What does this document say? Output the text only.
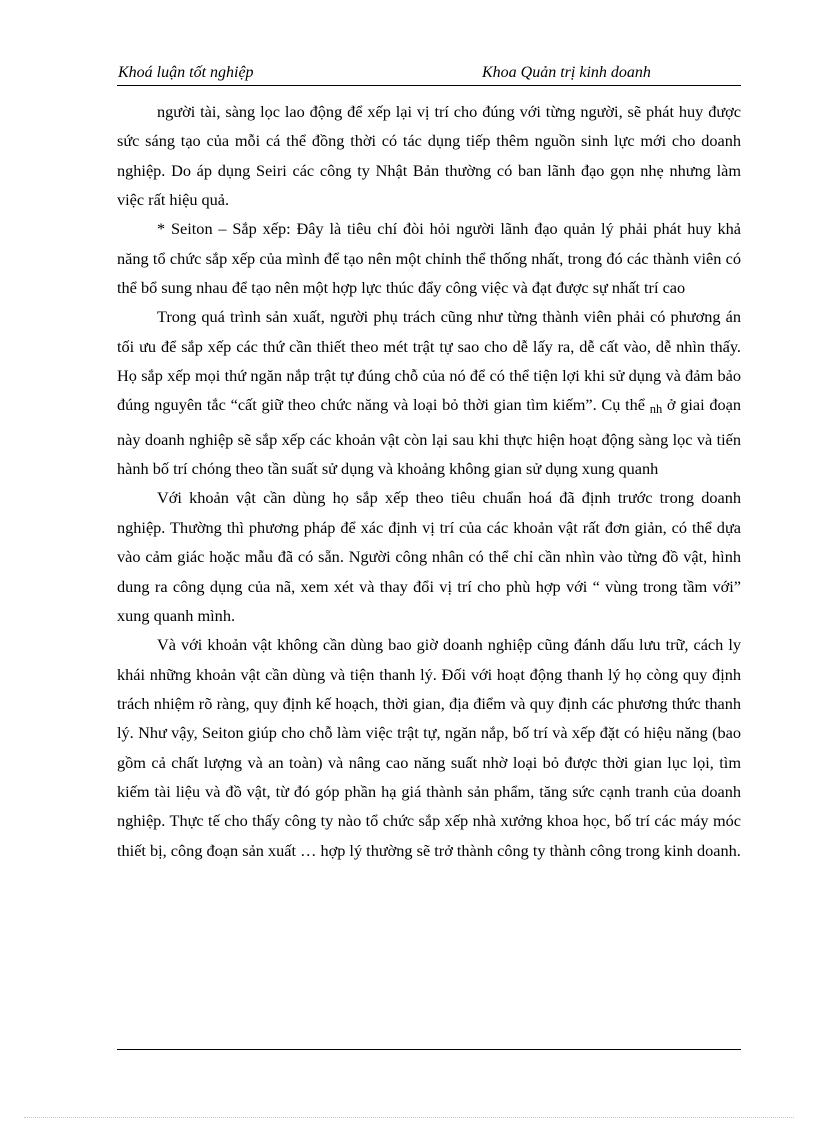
Khoá luận tốt nghiệp	Khoa Quản trị kinh doanh

người tài, sàng lọc lao động để xếp lại vị trí cho đúng với từng người, sẽ phát huy được sức sáng tạo của mỗi cá thể đồng thời có tác dụng tiếp thêm nguồn sinh lực mới cho doanh nghiệp. Do áp dụng Seiri các công ty Nhật Bản thường có ban lãnh đạo gọn nhẹ nhưng làm việc rất hiệu quả.

* Seiton – Sắp xếp: Đây là tiêu chí đòi hỏi người lãnh đạo quản lý phải phát huy khả năng tổ chức sắp xếp của mình để tạo nên một chỉnh thể thống nhất, trong đó các thành viên có thể bổ sung nhau để tạo nên một hợp lực thúc đẩy công việc và đạt được sự nhất trí cao

Trong quá trình sản xuất, người phụ trách cũng như từng thành viên phải có phương án tối ưu để sắp xếp các thứ cần thiết theo mét trật tự sao cho dễ lấy ra, dễ cất vào, dễ nhìn thấy. Họ sắp xếp mọi thứ ngăn nắp trật tự đúng chỗ của nó để có thể tiện lợi khi sử dụng và đảm bảo đúng nguyên tắc “cất giữ theo chức năng và loại bỏ thời gian tìm kiếm”. Cụ thể $_{nh}$ ở giai đoạn này doanh nghiệp sẽ sắp xếp các khoản vật còn lại sau khi thực hiện hoạt động sàng lọc và tiến hành bố trí chóng theo tần suất sử dụng và khoảng không gian sử dụng xung quanh

Với khoản vật cần dùng họ sắp xếp theo tiêu chuẩn hoá đã định trước trong doanh nghiệp. Thường thì phương pháp để xác định vị trí của các khoản vật rất đơn giản, có thể dựa vào cảm giác hoặc mẫu đã có sẵn. Người công nhân có thể chỉ cần nhìn vào từng đồ vật, hình dung ra công dụng của nã, xem xét và thay đổi vị trí cho phù hợp với “ vùng trong tầm với” xung quanh mình.

Và với khoản vật không cần dùng bao giờ doanh nghiệp cũng đánh dấu lưu trữ, cách ly khái những khoản vật cần dùng và tiện thanh lý. Đối với hoạt động thanh lý họ còng quy định trách nhiệm rõ ràng, quy định kế hoạch, thời gian, địa điểm và quy định các phương thức thanh lý. Như vậy, Seiton giúp cho chỗ làm việc trật tự, ngăn nắp, bố trí và xếp đặt có hiệu năng (bao gồm cả chất lượng và an toàn) và nâng cao năng suất nhờ loại bỏ được thời gian lục lọi, tìm kiếm tài liệu và đồ vật, từ đó góp phần hạ giá thành sản phẩm, tăng sức cạnh tranh của doanh nghiệp. Thực tế cho thấy công ty nào tổ chức sắp xếp nhà xưởng khoa học, bố trí các máy móc thiết bị, công đoạn sản xuất … hợp lý thường sẽ trở thành công ty thành công trong kinh doanh.
